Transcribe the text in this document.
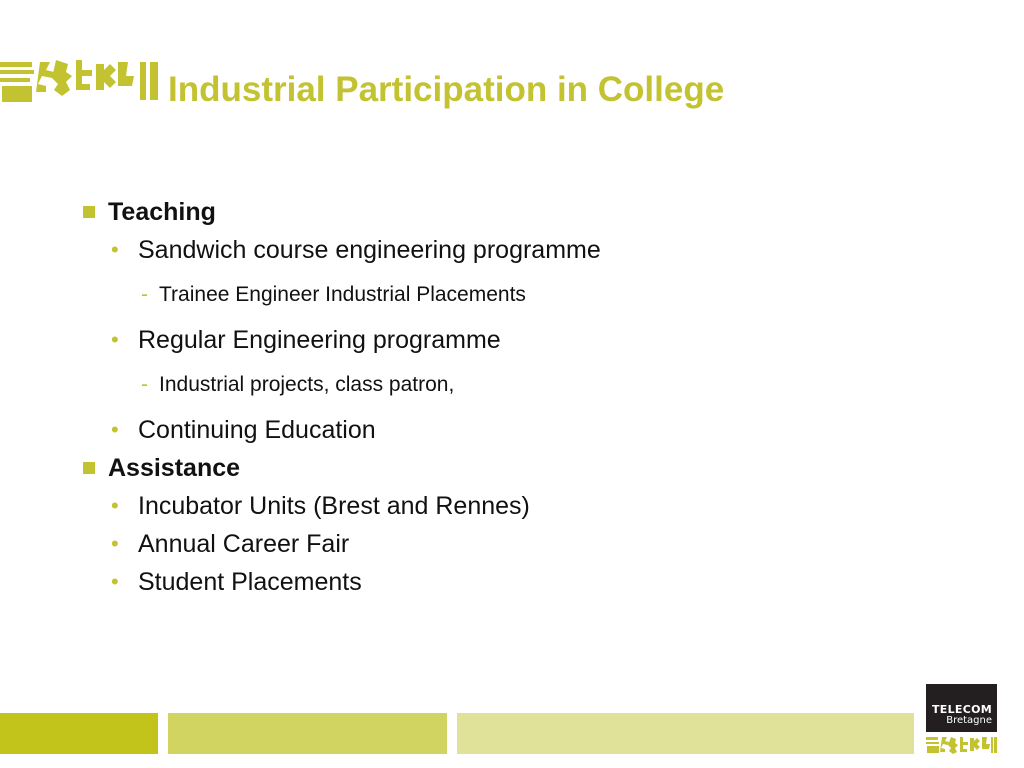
Industrial Participation in College
Teaching
• Sandwich course engineering programme
- Trainee Engineer Industrial Placements
• Regular Engineering programme
- Industrial projects, class patron,
• Continuing Education
Assistance
• Incubator Units (Brest and Rennes)
• Annual Career Fair
• Student Placements
TELECOM
Bretagne
